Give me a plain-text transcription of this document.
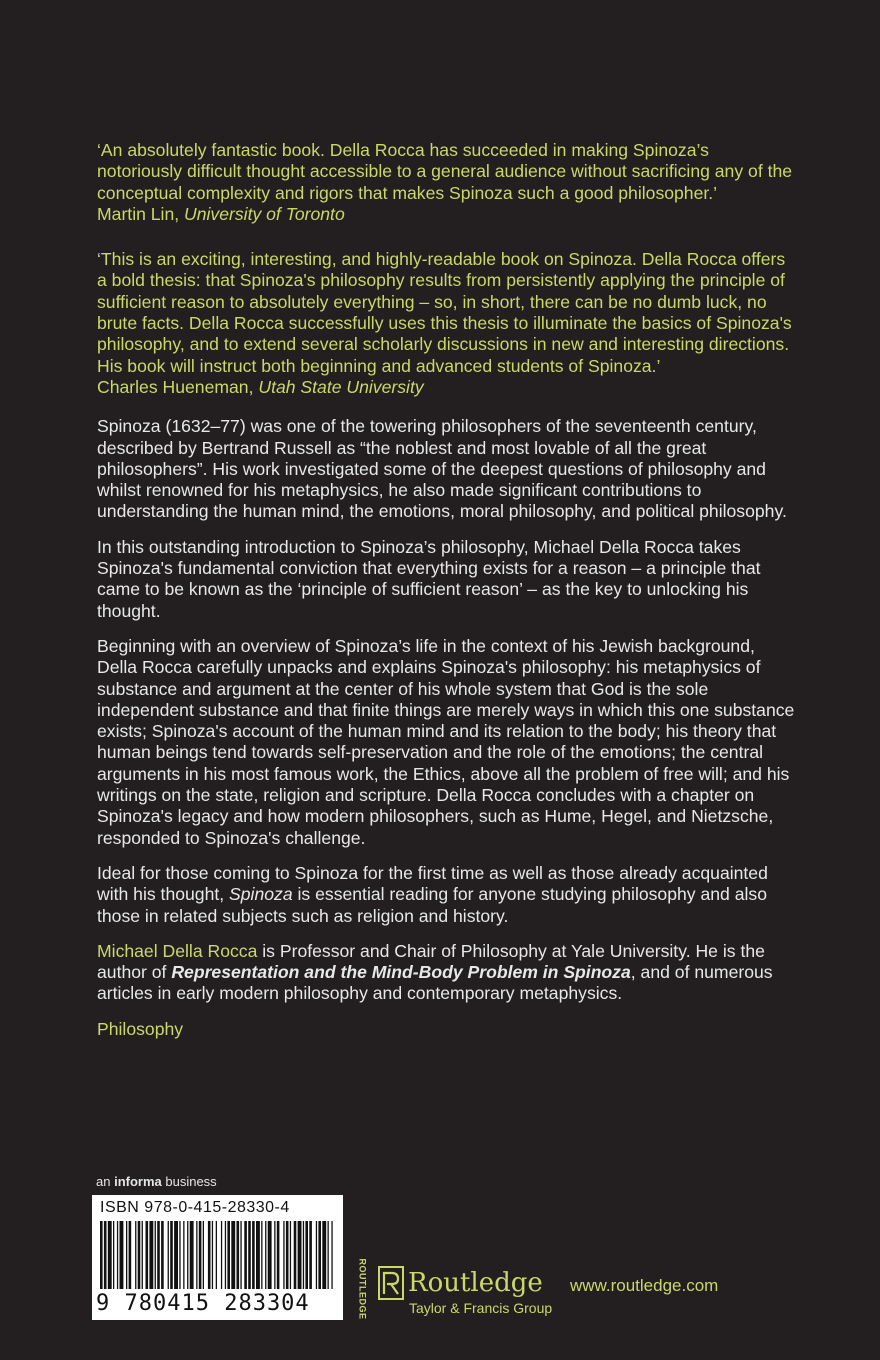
‘An absolutely fantastic book. Della Rocca has succeeded in making Spinoza’s notoriously difficult thought accessible to a general audience without sacrificing any of the conceptual complexity and rigors that makes Spinoza such a good philosopher.’

Martin Lin, University of Toronto

‘This is an exciting, interesting, and highly-readable book on Spinoza. Della Rocca offers a bold thesis: that Spinoza's philosophy results from persistently applying the principle of sufficient reason to absolutely everything – so, in short, there can be no dumb luck, no brute facts. Della Rocca successfully uses this thesis to illuminate the basics of Spinoza's philosophy, and to extend several scholarly discussions in new and interesting directions. His book will instruct both beginning and advanced students of Spinoza.’

Charles Hueneman, Utah State University

Spinoza (1632–77) was one of the towering philosophers of the seventeenth century, described by Bertrand Russell as “the noblest and most lovable of all the great philosophers”. His work investigated some of the deepest questions of philosophy and whilst renowned for his metaphysics, he also made significant contributions to understanding the human mind, the emotions, moral philosophy, and political philosophy.

In this outstanding introduction to Spinoza’s philosophy, Michael Della Rocca takes Spinoza's fundamental conviction that everything exists for a reason – a principle that came to be known as the ‘principle of sufficient reason’ – as the key to unlocking his thought.

Beginning with an overview of Spinoza’s life in the context of his Jewish background, Della Rocca carefully unpacks and explains Spinoza's philosophy: his metaphysics of substance and argument at the center of his whole system that God is the sole independent substance and that finite things are merely ways in which this one substance exists; Spinoza's account of the human mind and its relation to the body; his theory that human beings tend towards self-preservation and the role of the emotions; the central arguments in his most famous work, the Ethics, above all the problem of free will; and his writings on the state, religion and scripture. Della Rocca concludes with a chapter on Spinoza's legacy and how modern philosophers, such as Hume, Hegel, and Nietzsche, responded to Spinoza's challenge.

Ideal for those coming to Spinoza for the first time as well as those already acquainted with his thought, Spinoza is essential reading for anyone studying philosophy and also those in related subjects such as religion and history.

Michael Della Rocca is Professor and Chair of Philosophy at Yale University. He is the author of Representation and the Mind-Body Problem in Spinoza, and of numerous articles in early modern philosophy and contemporary metaphysics.

Philosophy

an informa business
ISBN 978-0-415-28330-4
9 780415 283304	ROUTLEDGE Routledge
Taylor & Francis Group
www.routledge.com
